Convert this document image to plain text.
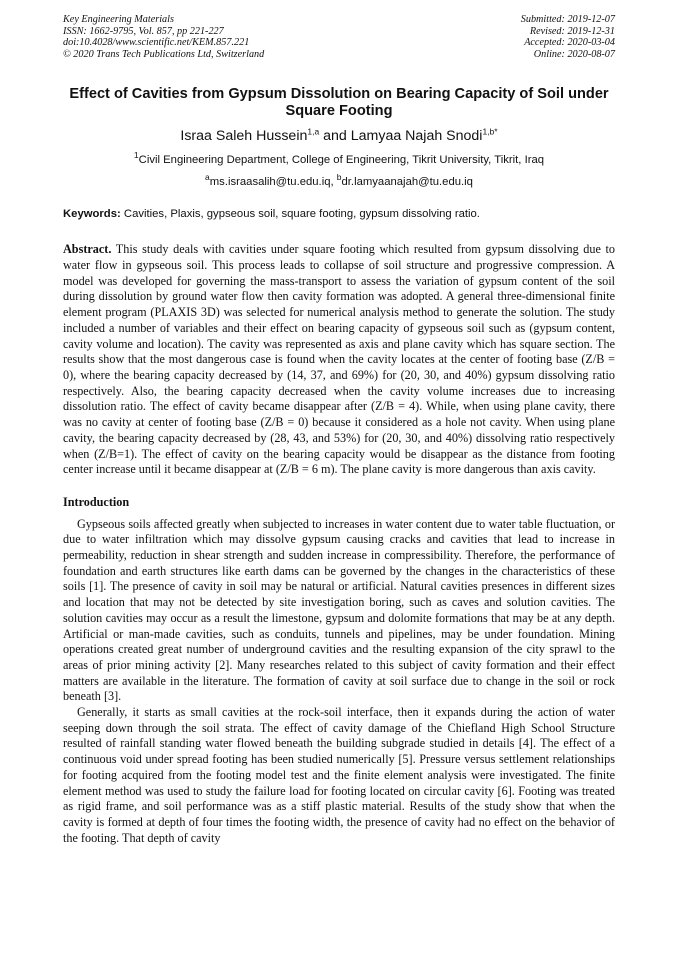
Key Engineering Materials
ISSN: 1662-9795, Vol. 857, pp 221-227
doi:10.4028/www.scientific.net/KEM.857.221
© 2020 Trans Tech Publications Ltd, Switzerland
Submitted: 2019-12-07
Revised: 2019-12-31
Accepted: 2020-03-04
Online: 2020-08-07
Effect of Cavities from Gypsum Dissolution on Bearing Capacity of Soil under Square Footing
Israa Saleh Hussein$^{1,a}$ and Lamyaa Najah Snodi$^{1,b*}$
$^1$Civil Engineering Department, College of Engineering, Tikrit University, Tikrit, Iraq
$^a$ms.israasalih@tu.edu.iq, $^b$dr.lamyaanajah@tu.edu.iq
Keywords: Cavities, Plaxis, gypseous soil, square footing, gypsum dissolving ratio.

Abstract. This study deals with cavities under square footing which resulted from gypsum dissolving due to water flow in gypseous soil. This process leads to collapse of soil structure and progressive compression. A model was developed for governing the mass-transport to assess the variation of gypsum content of the soil during dissolution by ground water flow then cavity formation was adopted. A general three-dimensional finite element program (PLAXIS 3D) was selected for numerical analysis method to generate the solution. The study included a number of variables and their effect on bearing capacity of gypseous soil such as (gypsum content, cavity volume and location). The cavity was represented as axis and plane cavity which has square section. The results show that the most dangerous case is found when the cavity locates at the center of footing base (Z/B = 0), where the bearing capacity decreased by (14, 37, and 69%) for (20, 30, and 40%) gypsum dissolving ratio respectively. Also, the bearing capacity decreased when the cavity volume increases due to increasing dissolution ratio. The effect of cavity became disappear after (Z/B = 4). While, when using plane cavity, there was no cavity at center of footing base (Z/B = 0) because it considered as a hole not cavity. When using plane cavity, the bearing capacity decreased by (28, 43, and 53%) for (20, 30, and 40%) dissolving ratio respectively when (Z/B=1). The effect of cavity on the bearing capacity would be disappear as the distance from footing center increase until it became disappear at (Z/B = 6 m). The plane cavity is more dangerous than axis cavity.

Introduction

Gypseous soils affected greatly when subjected to increases in water content due to water table fluctuation, or due to water infiltration which may dissolve gypsum causing cracks and cavities that lead to increase in permeability, reduction in shear strength and sudden increase in compressibility. Therefore, the performance of foundation and earth structures like earth dams can be governed by the changes in the characteristics of these soils [1]. The presence of cavity in soil may be natural or artificial. Natural cavities presences in different sizes and location that may not be detected by site investigation boring, such as caves and solution cavities. The solution cavities may occur as a result the limestone, gypsum and dolomite formations that may be at any depth. Artificial or man-made cavities, such as conduits, tunnels and pipelines, may be under foundation. Mining operations created great number of underground cavities and the resulting expansion of the city sprawl to the areas of prior mining activity [2]. Many researches related to this subject of cavity formation and their effect matters are available in the literature. The formation of cavity at soil surface due to change in the soil or rock beneath [3].

Generally, it starts as small cavities at the rock-soil interface, then it expands during the action of water seeping down through the soil strata. The effect of cavity damage of the Chiefland High School Structure resulted of rainfall standing water flowed beneath the building subgrade studied in details [4]. The effect of a continuous void under spread footing has been studied numerically [5]. Pressure versus settlement relationships for footing acquired from the footing model test and the finite element analysis were investigated. The finite element method was used to study the failure load for footing located on circular cavity [6]. Footing was treated as rigid frame, and soil performance was as a stiff plastic material. Results of the study show that when the cavity is formed at depth of four times the footing width, the presence of cavity had no effect on the behavior of the footing. That depth of cavity
